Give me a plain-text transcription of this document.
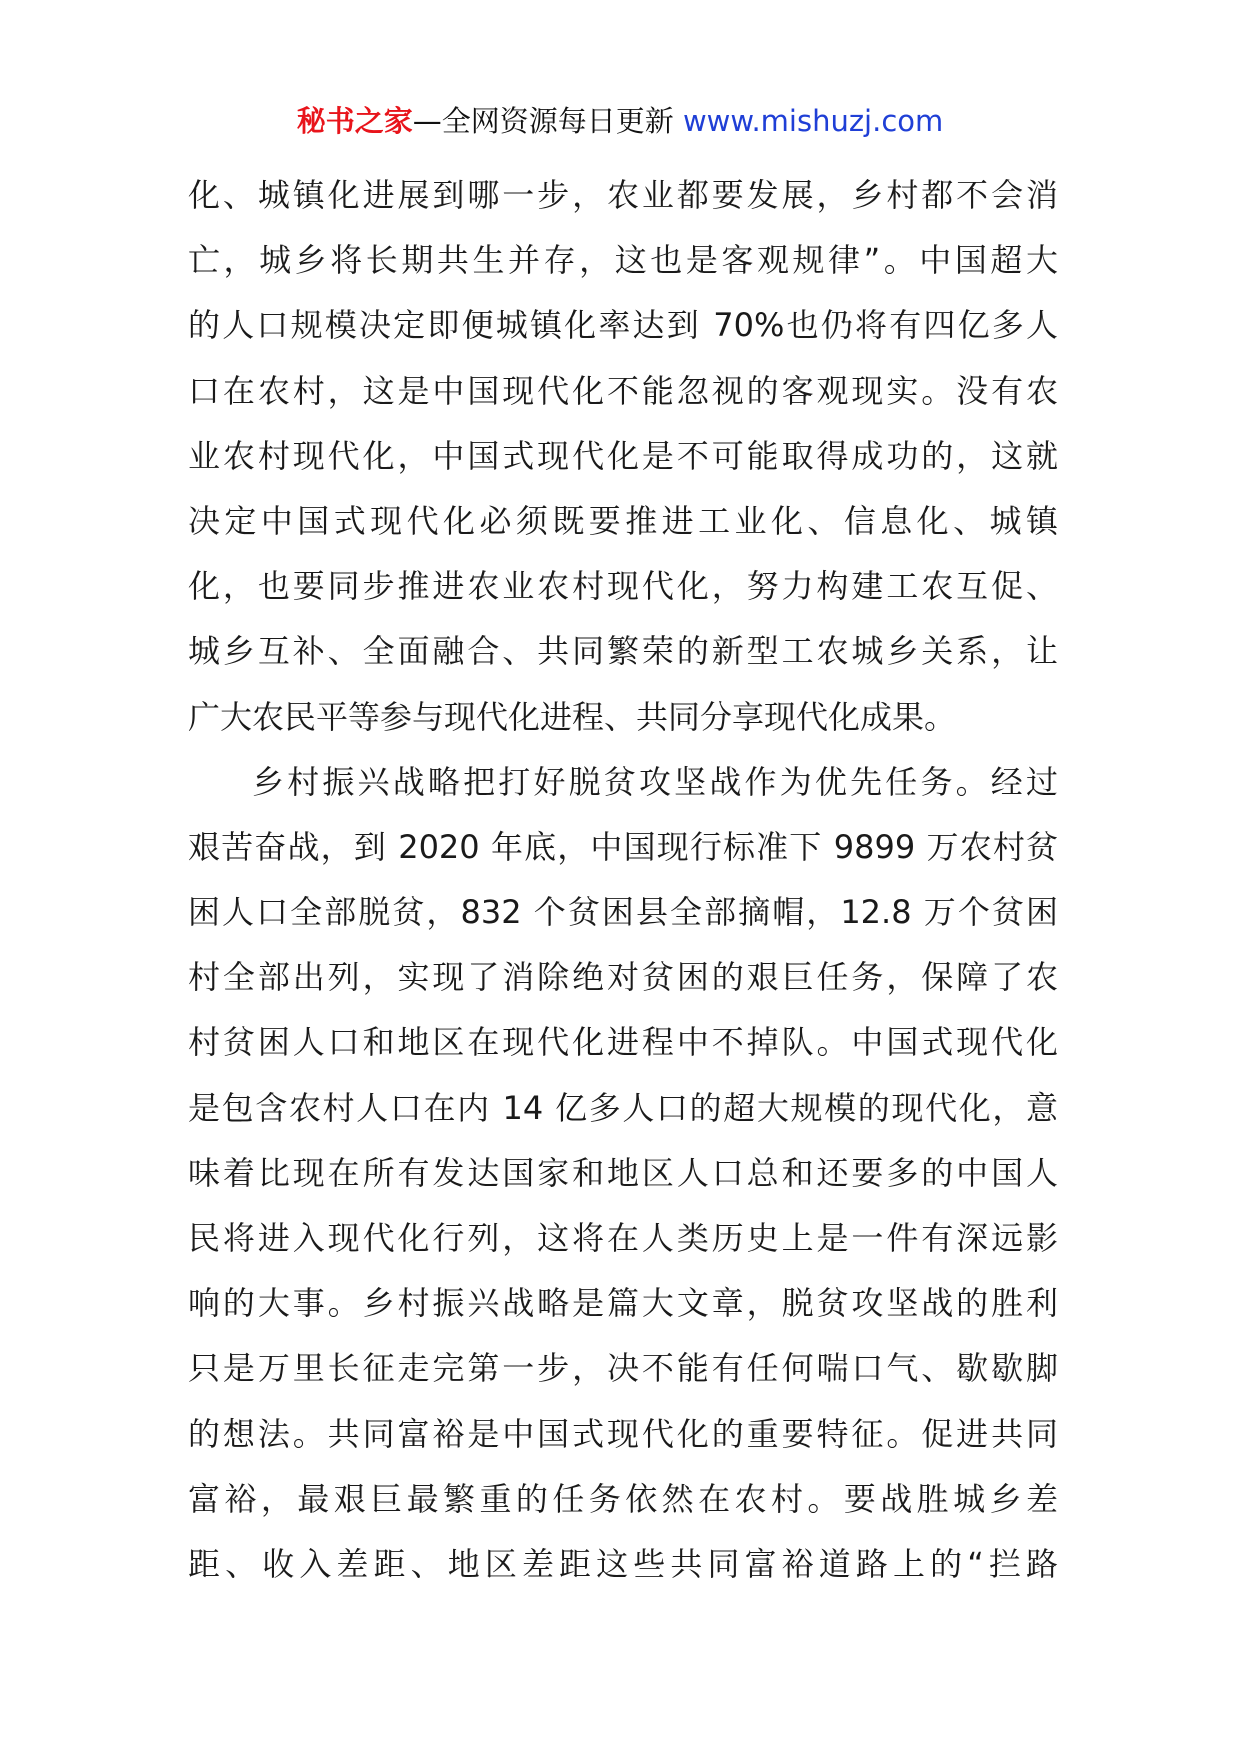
秘书之家—全网资源每日更新 www.mishuzj.com
化、城镇化进展到哪一步，农业都要发展，乡村都不会消
亡，城乡将长期共生并存，这也是客观规律”。中国超大
的人口规模决定即便城镇化率达到 70%也仍将有四亿多人
口在农村，这是中国现代化不能忽视的客观现实。没有农
业农村现代化，中国式现代化是不可能取得成功的，这就
决定中国式现代化必须既要推进工业化、信息化、城镇
化，也要同步推进农业农村现代化，努力构建工农互促、
城乡互补、全面融合、共同繁荣的新型工农城乡关系，让
广大农民平等参与现代化进程、共同分享现代化成果。
乡村振兴战略把打好脱贫攻坚战作为优先任务。经过
艰苦奋战，到 2020 年底，中国现行标准下 9899 万农村贫
困人口全部脱贫，832 个贫困县全部摘帽，12.8 万个贫困
村全部出列，实现了消除绝对贫困的艰巨任务，保障了农
村贫困人口和地区在现代化进程中不掉队。中国式现代化
是包含农村人口在内 14 亿多人口的超大规模的现代化，意
味着比现在所有发达国家和地区人口总和还要多的中国人
民将进入现代化行列，这将在人类历史上是一件有深远影
响的大事。乡村振兴战略是篇大文章，脱贫攻坚战的胜利
只是万里长征走完第一步，决不能有任何喘口气、歇歇脚
的想法。共同富裕是中国式现代化的重要特征。促进共同
富裕，最艰巨最繁重的任务依然在农村。要战胜城乡差
距、收入差距、地区差距这些共同富裕道路上的“拦路
